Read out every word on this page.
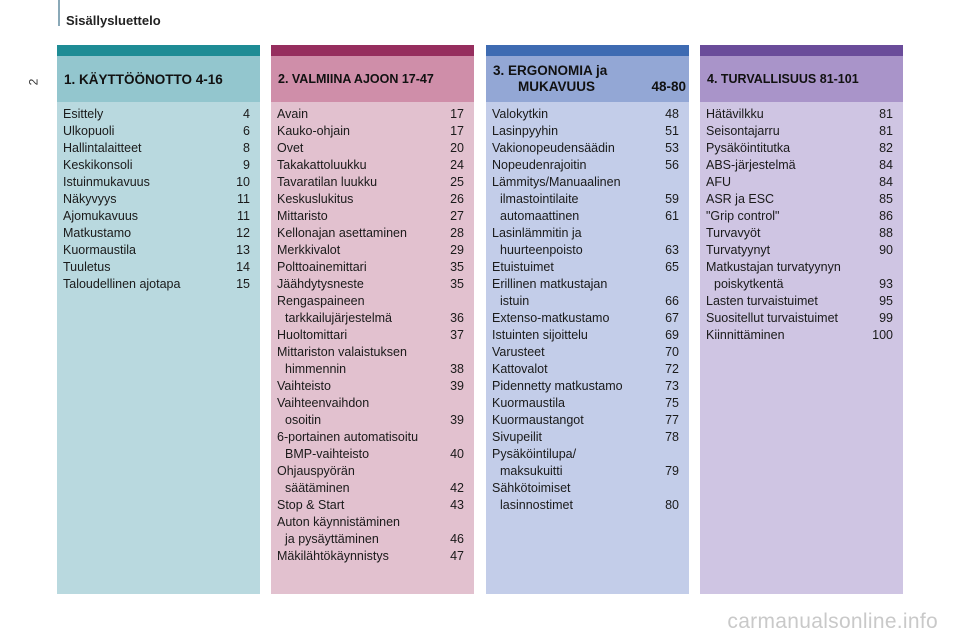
Sisällysluettelo
2	1. KÄYTTÖÖNOTTO 4-16
Esittely	4
Ulkopuoli	6
Hallintalaitteet	8
Keskikonsoli	9
Istuinmukavuus	10
Näkyvyys	11
Ajomukavuus	11
Matkustamo	12
Kuormaustila	13
Tuuletus	14
Taloudellinen ajotapa	15
2. VALMIINA AJOON 17-47
Avain	17
Kauko-ohjain	17
Ovet	20
Takakattoluukku	24
Tavaratilan luukku	25
Keskuslukitus	26
Mittaristo	27
Kellonajan asettaminen	28
Merkkivalot	29
Polttoainemittari	35
Jäähdytysneste	35
Rengaspaineen
tarkkailujärjestelmä	36
Huoltomittari	37
Mittariston valaistuksen
himmennin	38
Vaihteisto	39
Vaihteenvaihdon
osoitin	39
6-portainen automatisoitu
BMP-vaihteisto	40
Ohjauspyörän
säätäminen	42
Stop & Start	43
Auton käynnistäminen
ja pysäyttäminen	46
Mäkilähtökäynnistys	47
3. ERGONOMIA ja
MUKAVUUS	48-80
Valokytkin	48
Lasinpyyhin	51
Vakionopeudensäädin	53
Nopeudenrajoitin	56
Lämmitys/Manuaalinen
ilmastointilaite	59
automaattinen	61
Lasinlämmitin ja
huurteenpoisto	63
Etuistuimet	65
Erillinen matkustajan
istuin	66
Extenso-matkustamo	67
Istuinten sijoittelu	69
Varusteet	70
Kattovalot	72
Pidennetty matkustamo	73
Kuormaustila	75
Kuormaustangot	77
Sivupeilit	78
Pysäköintilupa/
maksukuitti	79
Sähkötoimiset
lasinnostimet	80
4. TURVALLISUUS 81-101
Hätävilkku	81
Seisontajarru	81
Pysäköintitutka	82
ABS-järjestelmä	84
AFU	84
ASR ja ESC	85
"Grip control"	86
Turvavyöt	88
Turvatyynyt	90
Matkustajan turvatyynyn
poiskytkentä	93
Lasten turvaistuimet	95
Suositellut turvaistuimet	99
Kiinnittäminen	100
carmanualsonline.info
